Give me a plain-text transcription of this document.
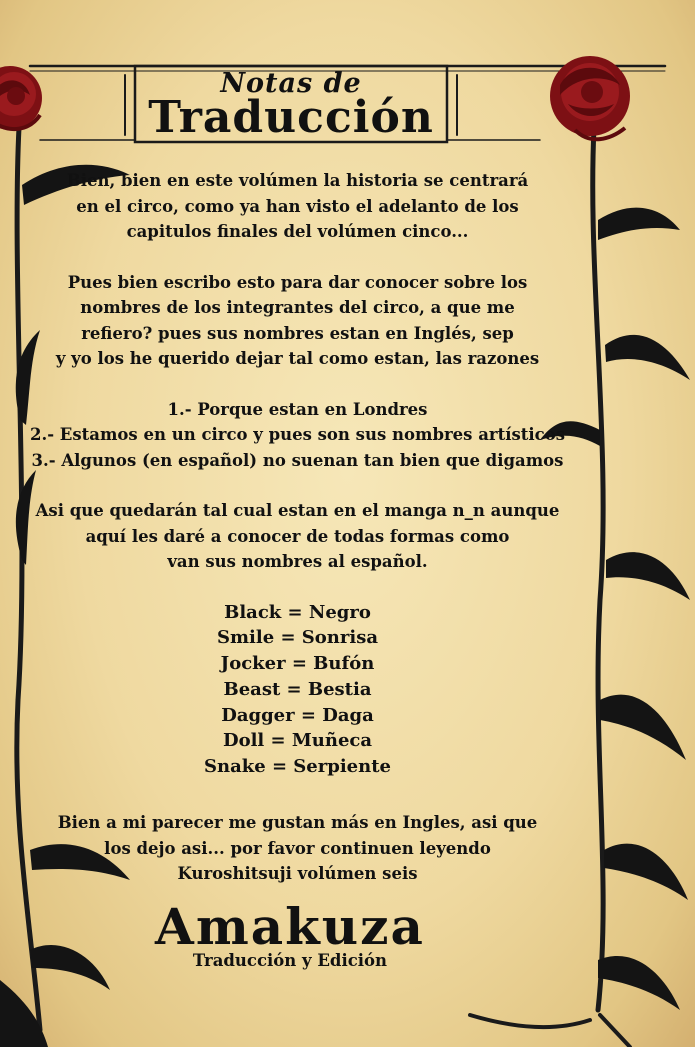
Notas de
Traducción

Bien, bien en este volúmen la historia se centrará

en el circo, como ya han visto el adelanto de los

capitulos finales del volúmen cinco...

Pues bien escribo esto para dar conocer sobre los

nombres de los integrantes del circo, a que me

refiero? pues sus nombres estan en Inglés, sep

y yo los he querido dejar tal como estan, las razones

1.- Porque estan en Londres

2.- Estamos en un circo y pues son sus nombres artísticos

3.- Algunos (en español) no suenan tan bien que digamos

Asi que quedarán tal cual estan en el manga n_n aunque

aquí les daré a conocer de todas formas como

van sus nombres al español.

Black = Negro

Smile = Sonrisa

Jocker = Bufón

Beast = Bestia

Dagger = Daga

Doll = Muñeca

Snake = Serpiente

Bien a mi parecer me gustan más en Ingles, asi que

los dejo asi... por favor continuen leyendo

Kuroshitsuji volúmen seis

Amakuza
Traducción y Edición
